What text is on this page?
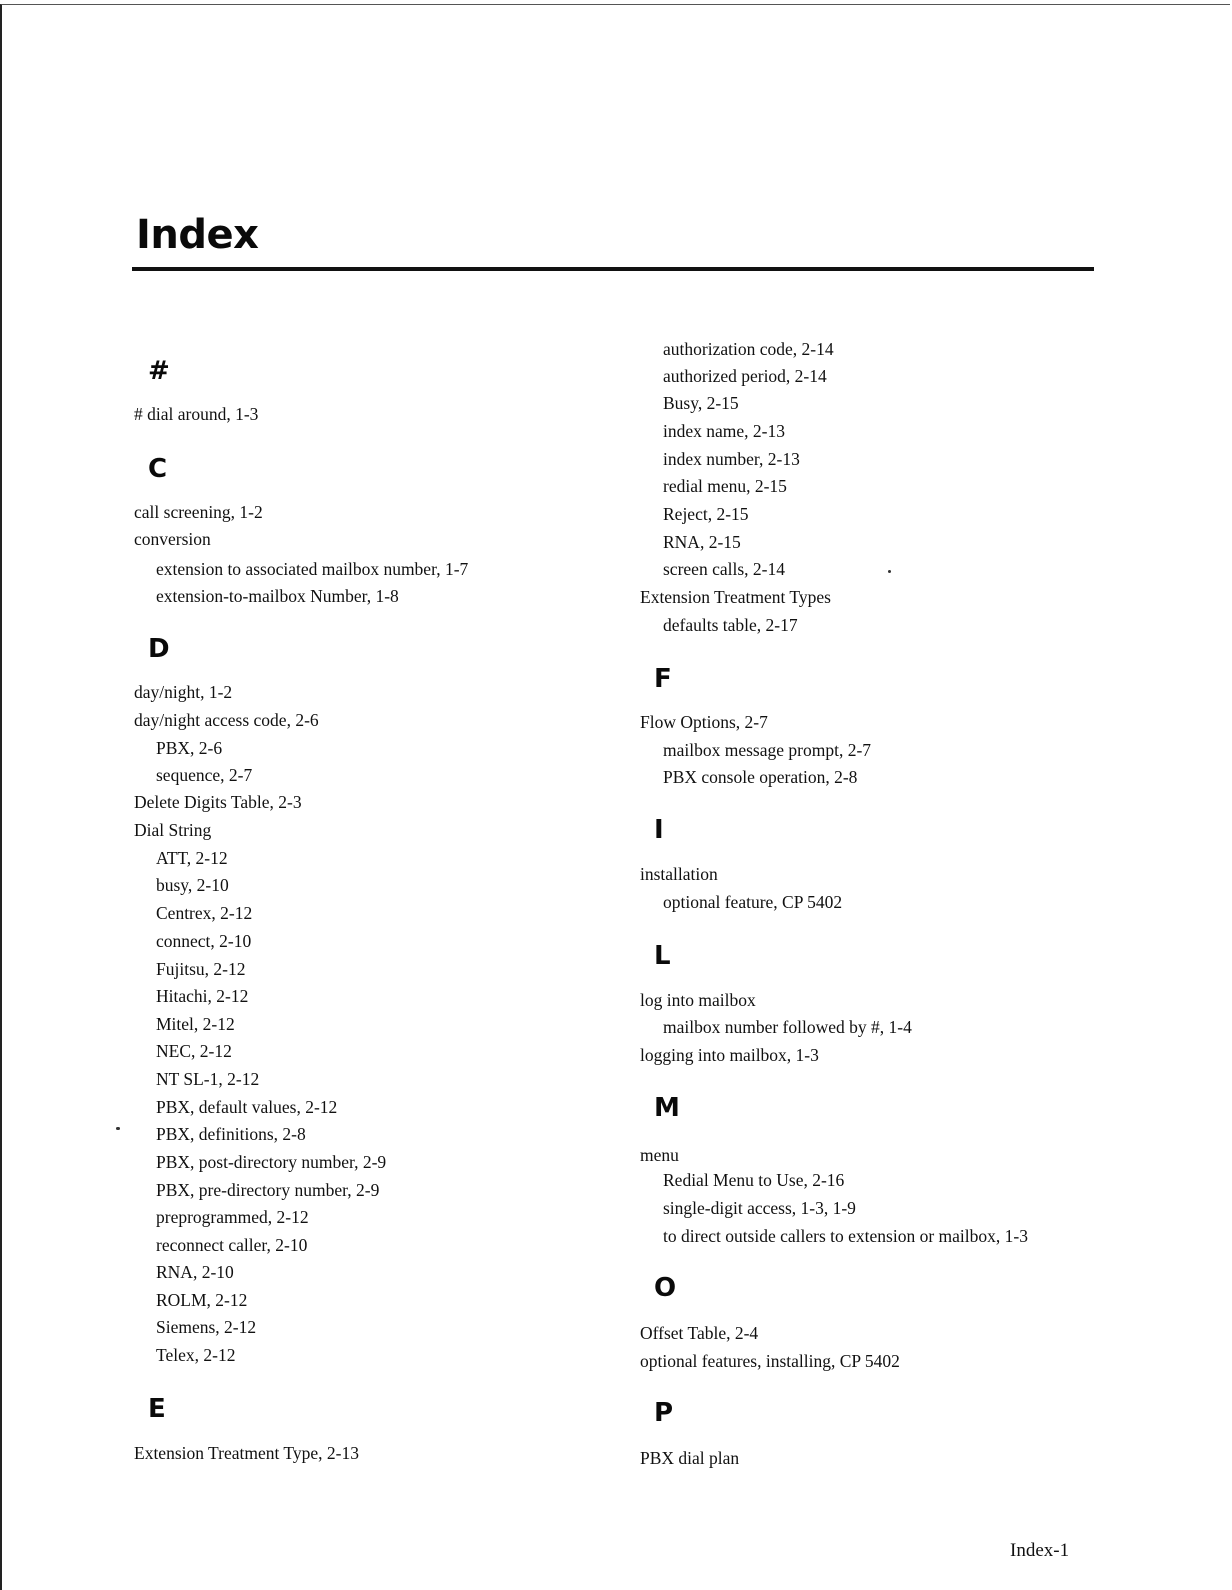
Index
#
# dial around, 1-3
C
call screening, 1-2
conversion
extension to associated mailbox number, 1-7
extension-to-mailbox Number, 1-8
D
day/night, 1-2
day/night access code, 2-6
PBX, 2-6
sequence, 2-7
Delete Digits Table, 2-3
Dial String
ATT, 2-12
busy, 2-10
Centrex, 2-12
connect, 2-10
Fujitsu, 2-12
Hitachi, 2-12
Mitel, 2-12
NEC, 2-12
NT SL-1, 2-12
PBX, default values, 2-12
PBX, definitions, 2-8
PBX, post-directory number, 2-9
PBX, pre-directory number, 2-9
preprogrammed, 2-12
reconnect caller, 2-10
RNA, 2-10
ROLM, 2-12
Siemens, 2-12
Telex, 2-12
E
Extension Treatment Type, 2-13
authorization code, 2-14
authorized period, 2-14
Busy, 2-15
index name, 2-13
index number, 2-13
redial menu, 2-15
Reject, 2-15
RNA, 2-15
screen calls, 2-14
Extension Treatment Types
defaults table, 2-17
F
Flow Options, 2-7
mailbox message prompt, 2-7
PBX console operation, 2-8
I
installation
optional feature, CP 5402
L
log into mailbox
mailbox number followed by #, 1-4
logging into mailbox, 1-3
M
menu
Redial Menu to Use, 2-16
single-digit access, 1-3, 1-9
to direct outside callers to extension or mailbox, 1-3
O
Offset Table, 2-4
optional features, installing, CP 5402
P
PBX dial plan
Index-1
